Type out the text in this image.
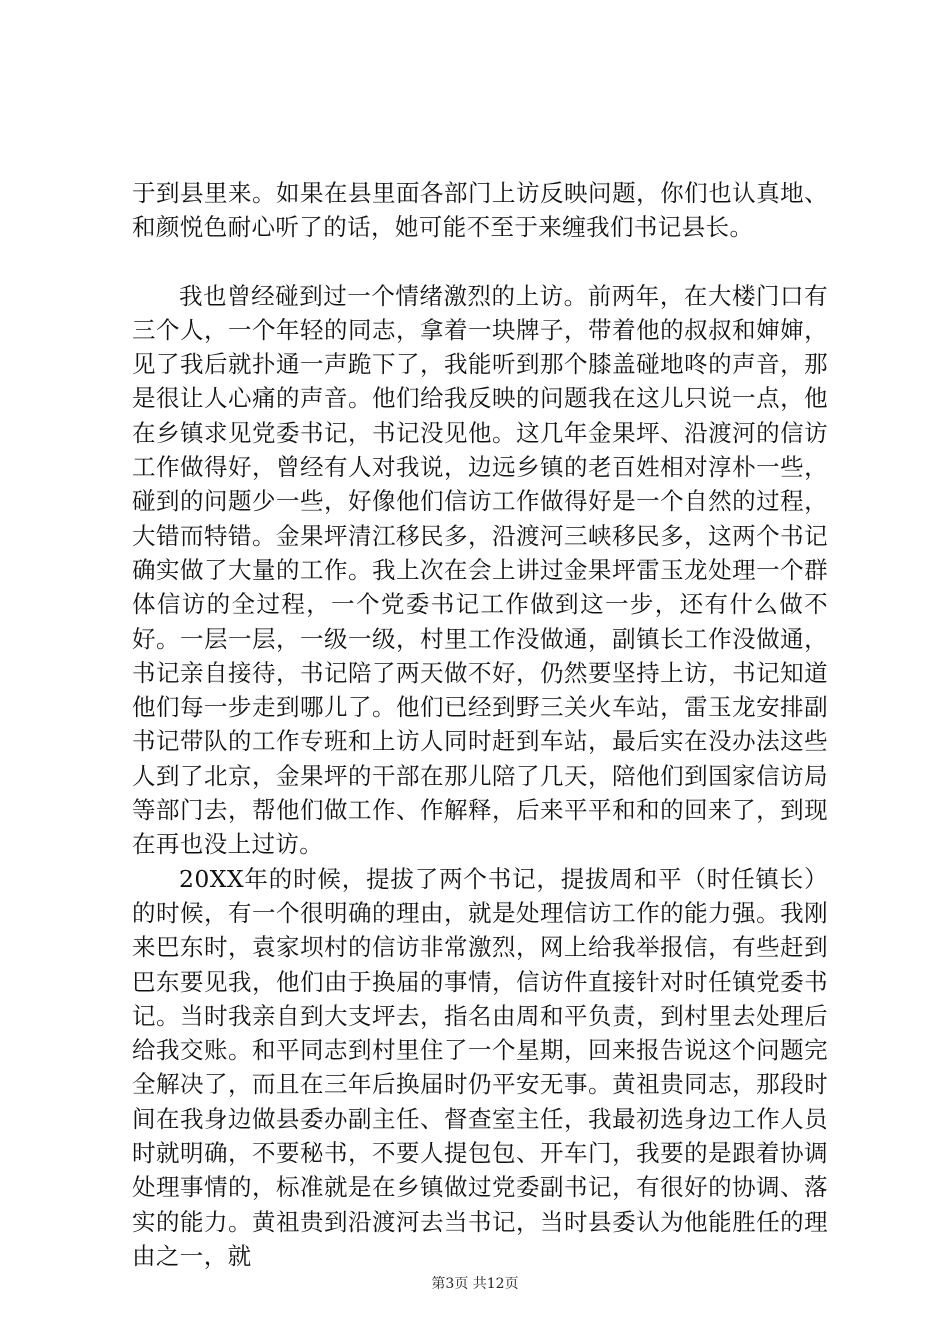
于到县里来。如果在县里面各部门上访反映问题，你们也认真地、和颜悦色耐心听了的话，她可能不至于来缠我们书记县长。

我也曾经碰到过一个情绪激烈的上访。前两年，在大楼门口有三个人，一个年轻的同志，拿着一块牌子，带着他的叔叔和婶婶，见了我后就扑通一声跪下了，我能听到那个膝盖碰地咚的声音，那是很让人心痛的声音。他们给我反映的问题我在这儿只说一点，他在乡镇求见党委书记，书记没见他。这几年金果坪、沿渡河的信访工作做得好，曾经有人对我说，边远乡镇的老百姓相对淳朴一些，碰到的问题少一些，好像他们信访工作做得好是一个自然的过程，大错而特错。金果坪清江移民多，沿渡河三峡移民多，这两个书记确实做了大量的工作。我上次在会上讲过金果坪雷玉龙处理一个群体信访的全过程，一个党委书记工作做到这一步，还有什么做不好。一层一层，一级一级，村里工作没做通，副镇长工作没做通，书记亲自接待，书记陪了两天做不好，仍然要坚持上访，书记知道他们每一步走到哪儿了。他们已经到野三关火车站，雷玉龙安排副书记带队的工作专班和上访人同时赶到车站，最后实在没办法这些人到了北京，金果坪的干部在那儿陪了几天，陪他们到国家信访局等部门去，帮他们做工作、作解释，后来平平和和的回来了，到现在再也没上过访。

20XX年的时候，提拔了两个书记，提拔周和平（时任镇长）的时候，有一个很明确的理由，就是处理信访工作的能力强。我刚来巴东时，袁家坝村的信访非常激烈，网上给我举报信，有些赶到巴东要见我，他们由于换届的事情，信访件直接针对时任镇党委书记。当时我亲自到大支坪去，指名由周和平负责，到村里去处理后给我交账。和平同志到村里住了一个星期，回来报告说这个问题完全解决了，而且在三年后换届时仍平安无事。黄祖贵同志，那段时间在我身边做县委办副主任、督查室主任，我最初选身边工作人员时就明确，不要秘书，不要人提包包、开车门，我要的是跟着协调处理事情的，标准就是在乡镇做过党委副书记，有很好的协调、落实的能力。黄祖贵到沿渡河去当书记，当时县委认为他能胜任的理由之一，就

第3页 共12页
